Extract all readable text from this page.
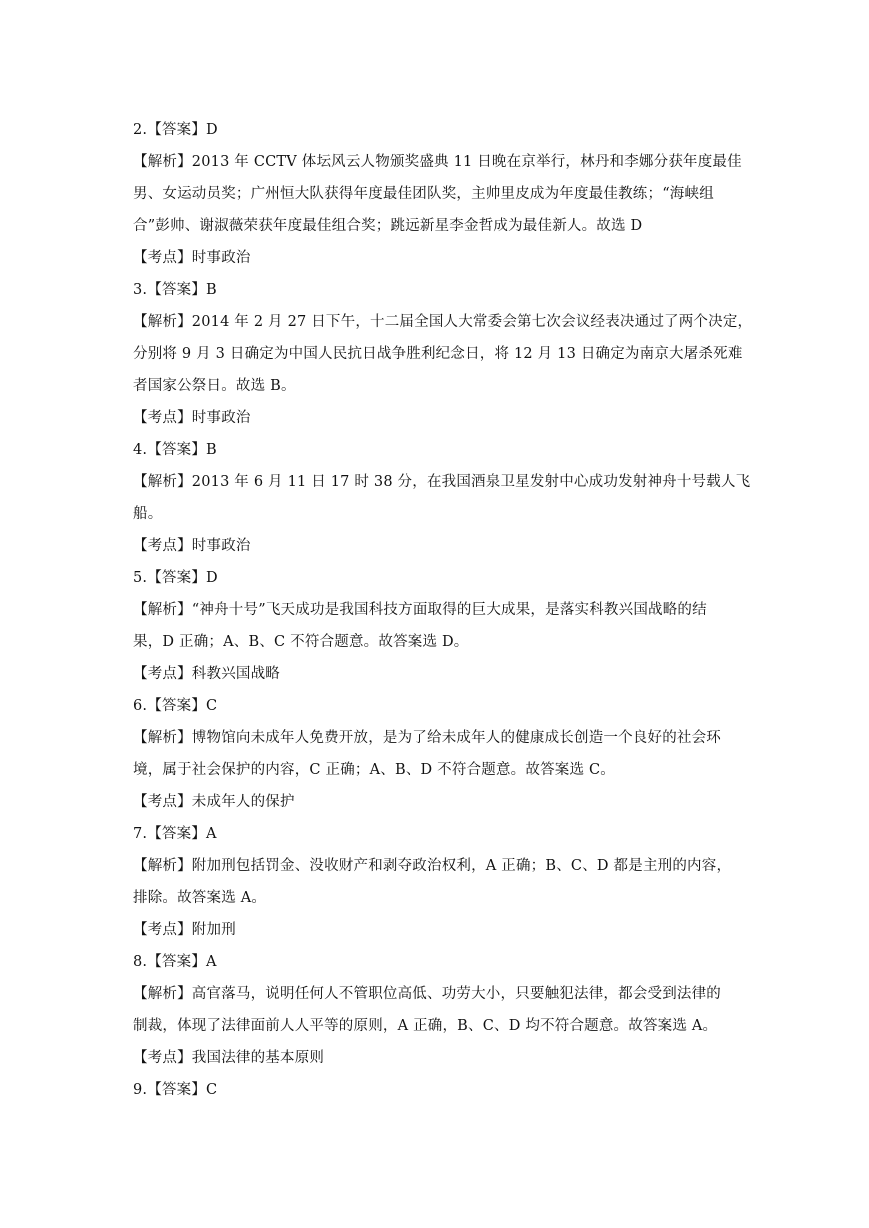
2.【答案】D
【解析】2013 年 CCTV 体坛风云人物颁奖盛典 11 日晚在京举行，林丹和李娜分获年度最佳
男、女运动员奖；广州恒大队获得年度最佳团队奖，主帅里皮成为年度最佳教练；“海峡组
合”彭帅、谢淑薇荣获年度最佳组合奖；跳远新星李金哲成为最佳新人。故选 D
【考点】时事政治
3.【答案】B
【解析】2014 年 2 月 27 日下午，十二届全国人大常委会第七次会议经表决通过了两个决定，
分别将 9 月 3 日确定为中国人民抗日战争胜利纪念日，将 12 月 13 日确定为南京大屠杀死难
者国家公祭日。故选 B。
【考点】时事政治
4.【答案】B
【解析】2013 年 6 月 11 日 17 时 38 分，在我国酒泉卫星发射中心成功发射神舟十号载人飞
船。
【考点】时事政治
5.【答案】D
【解析】“神舟十号”飞天成功是我国科技方面取得的巨大成果，是落实科教兴国战略的结
果，D 正确；A、B、C 不符合题意。故答案选 D。
【考点】科教兴国战略
6.【答案】C
【解析】博物馆向未成年人免费开放，是为了给未成年人的健康成长创造一个良好的社会环
境，属于社会保护的内容，C 正确；A、B、D 不符合题意。故答案选 C。
【考点】未成年人的保护
7.【答案】A
【解析】附加刑包括罚金、没收财产和剥夺政治权利，A 正确；B、C、D 都是主刑的内容，
排除。故答案选 A。
【考点】附加刑
8.【答案】A
【解析】高官落马，说明任何人不管职位高低、功劳大小，只要触犯法律，都会受到法律的
制裁，体现了法律面前人人平等的原则，A 正确，B、C、D 均不符合题意。故答案选 A。
【考点】我国法律的基本原则
9.【答案】C
